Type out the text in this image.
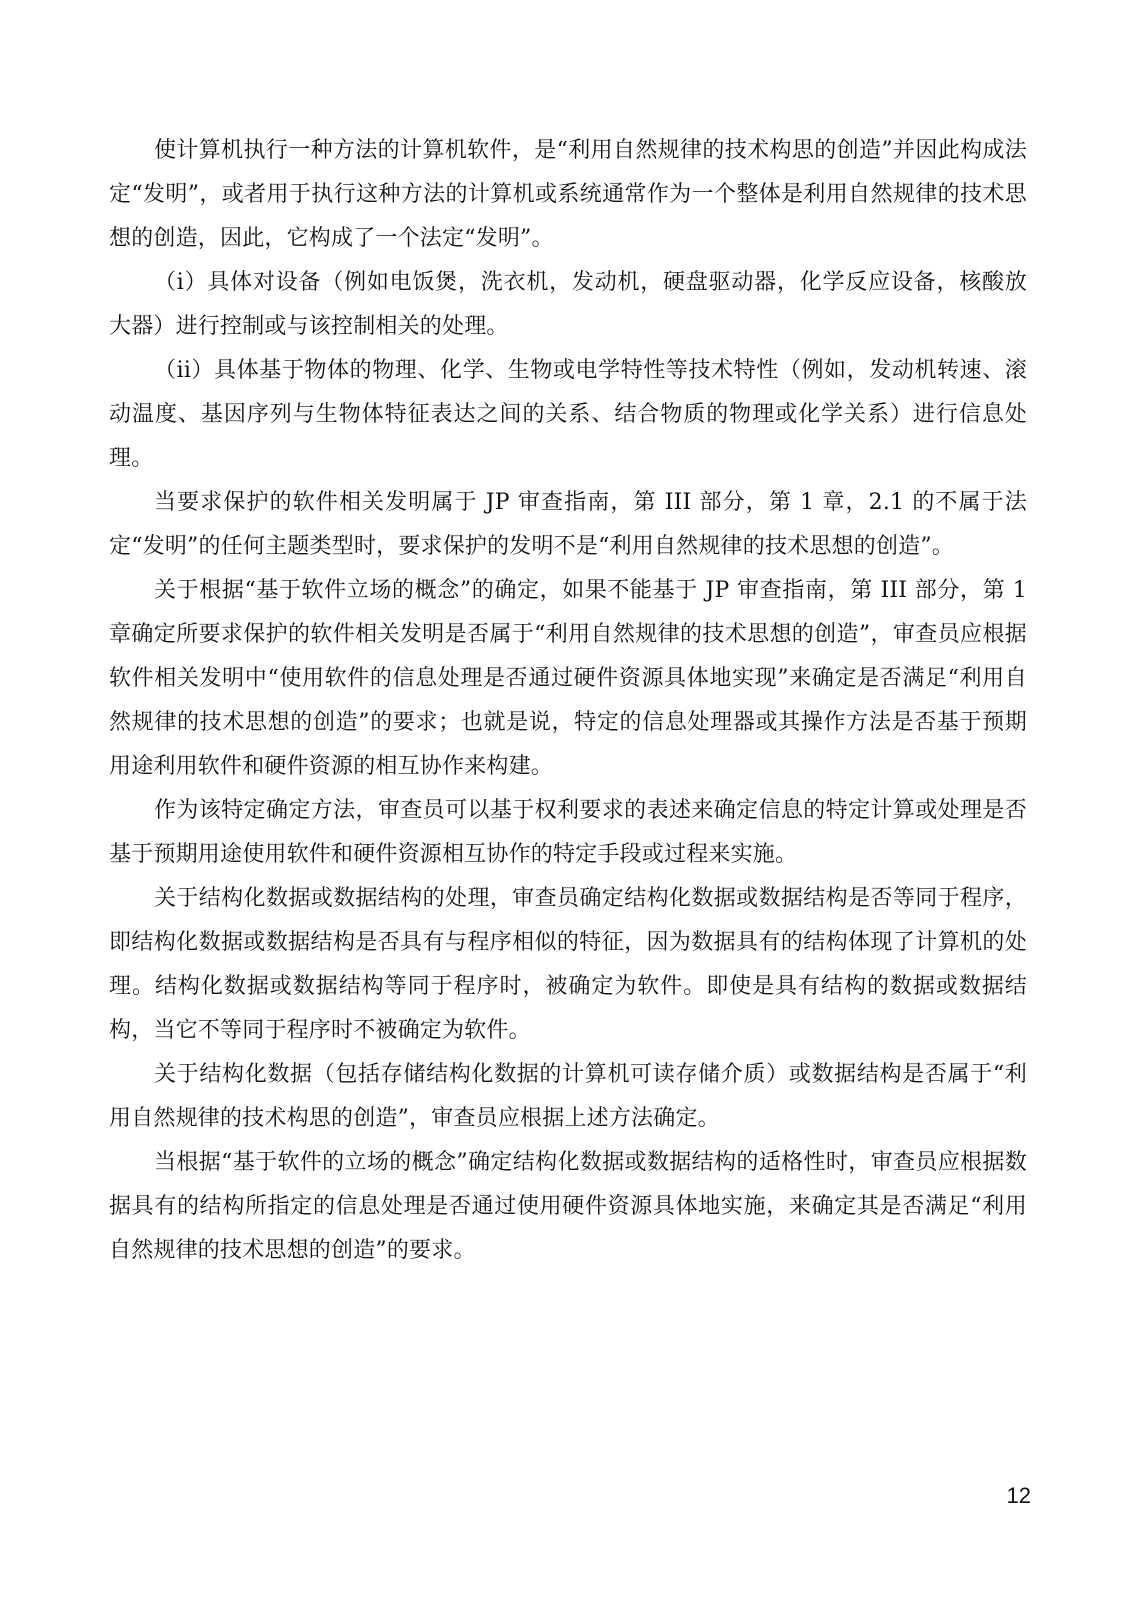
使计算机执行一种方法的计算机软件，是“利用自然规律的技术构思的创造”并因此构成法定“发明”，或者用于执行这种方法的计算机或系统通常作为一个整体是利用自然规律的技术思想的创造，因此，它构成了一个法定“发明”。

（i）具体对设备（例如电饭煲，洗衣机，发动机，硬盘驱动器，化学反应设备，核酸放大器）进行控制或与该控制相关的处理。

（ii）具体基于物体的物理、化学、生物或电学特性等技术特性（例如，发动机转速、滚动温度、基因序列与生物体特征表达之间的关系、结合物质的物理或化学关系）进行信息处理。

当要求保护的软件相关发明属于 JP 审查指南，第 III 部分，第 1 章，2.1 的不属于法定“发明”的任何主题类型时，要求保护的发明不是“利用自然规律的技术思想的创造”。

关于根据“基于软件立场的概念”的确定，如果不能基于 JP 审查指南，第 III 部分，第 1 章确定所要求保护的软件相关发明是否属于“利用自然规律的技术思想的创造”，审查员应根据软件相关发明中“使用软件的信息处理是否通过硬件资源具体地实现”来确定是否满足“利用自然规律的技术思想的创造”的要求；也就是说，特定的信息处理器或其操作方法是否基于预期用途利用软件和硬件资源的相互协作来构建。

作为该特定确定方法，审查员可以基于权利要求的表述来确定信息的特定计算或处理是否基于预期用途使用软件和硬件资源相互协作的特定手段或过程来实施。

关于结构化数据或数据结构的处理，审查员确定结构化数据或数据结构是否等同于程序，即结构化数据或数据结构是否具有与程序相似的特征，因为数据具有的结构体现了计算机的处理。结构化数据或数据结构等同于程序时，被确定为软件。即使是具有结构的数据或数据结构，当它不等同于程序时不被确定为软件。

关于结构化数据（包括存储结构化数据的计算机可读存储介质）或数据结构是否属于“利用自然规律的技术构思的创造”，审查员应根据上述方法确定。

当根据“基于软件的立场的概念”确定结构化数据或数据结构的适格性时，审查员应根据数据具有的结构所指定的信息处理是否通过使用硬件资源具体地实施，来确定其是否满足“利用自然规律的技术思想的创造”的要求。

12
